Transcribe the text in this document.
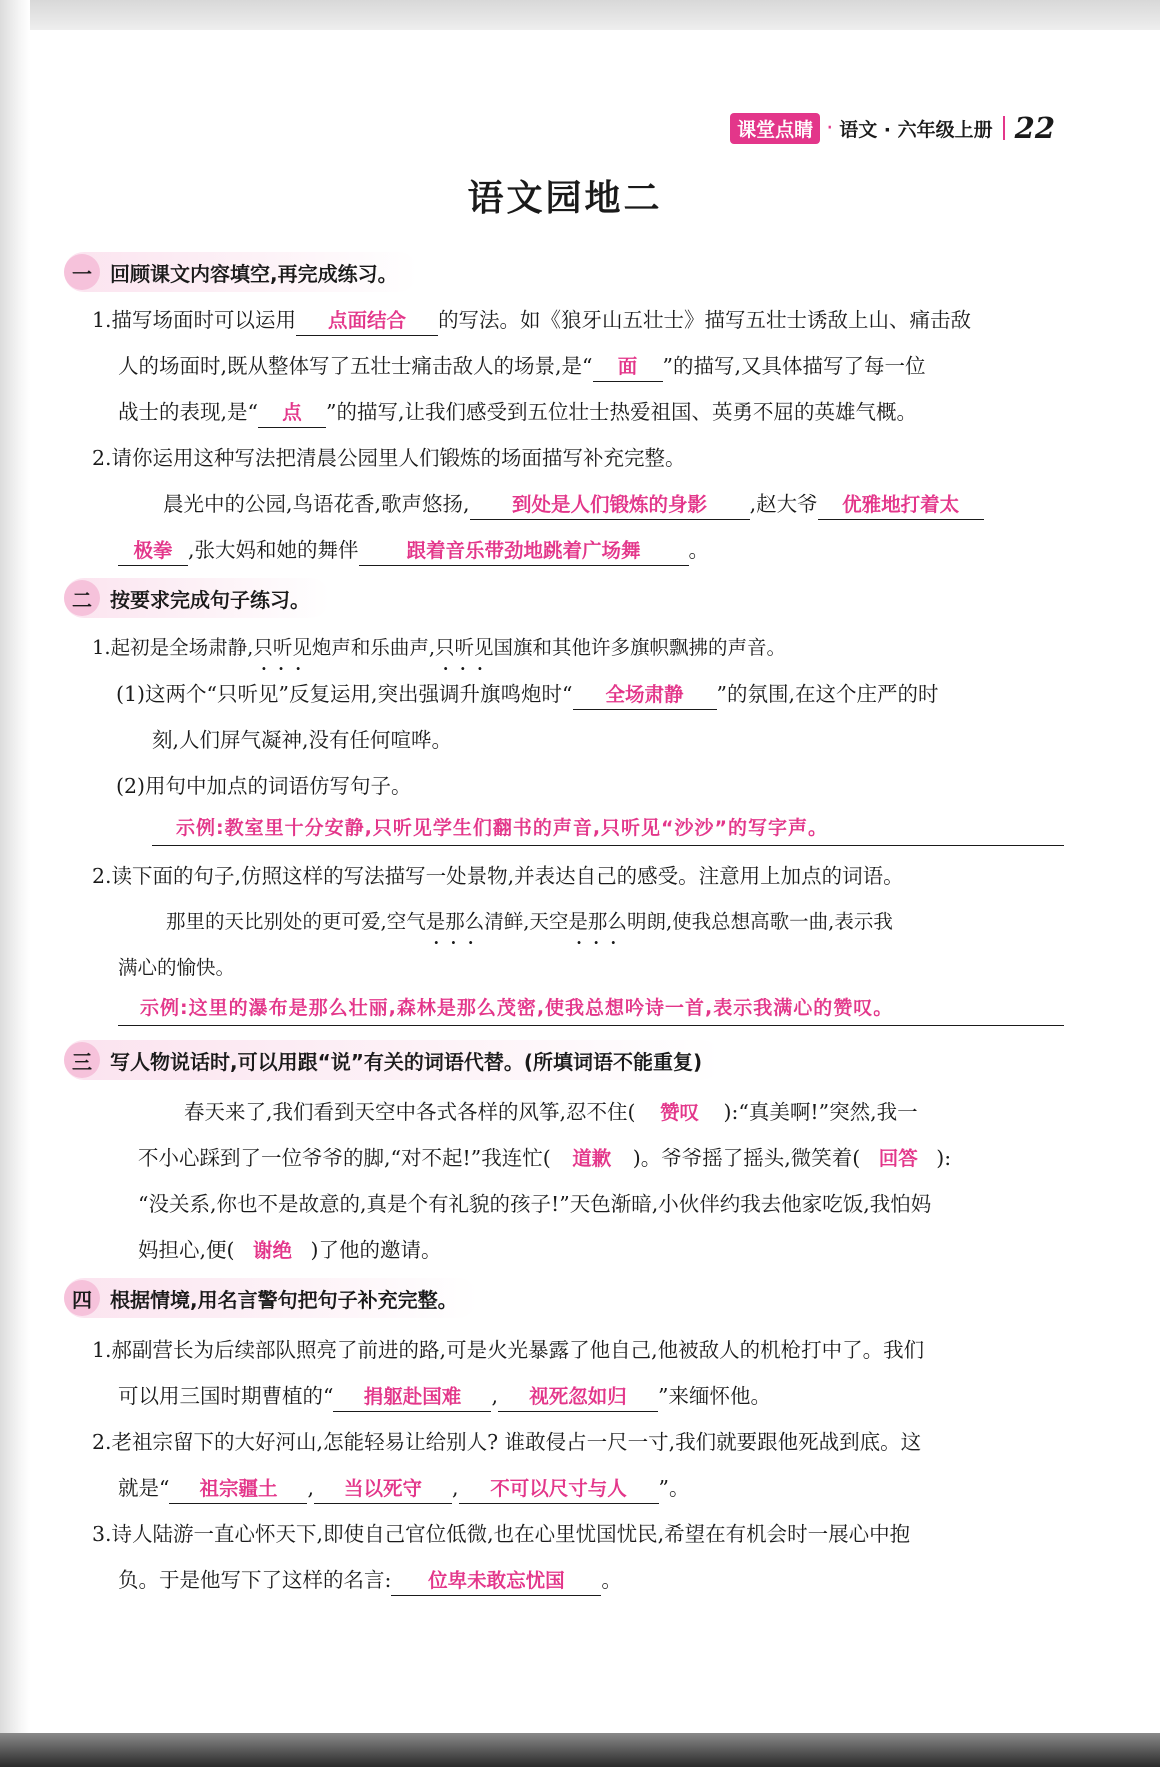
课堂点睛 · 语文 · 六年级上册 22
语文园地二
一 回顾课文内容填空,再完成练习。
1.描写场面时可以运用 点面结合 的写法。如《狼牙山五壮士》描写五壮士诱敌上山、痛击敌
人的场面时,既从整体写了五壮士痛击敌人的场景,是“ 面 ”的描写,又具体描写了每一位
战士的表现,是“ 点 ”的描写,让我们感受到五位壮士热爱祖国、英勇不屈的英雄气概。
2.请你运用这种写法把清晨公园里人们锻炼的场面描写补充完整。
晨光中的公园,鸟语花香,歌声悠扬, 到处是人们锻炼的身影 ,赵大爷 优雅地打着太
极拳 ,张大妈和她的舞伴 跟着音乐带劲地跳着广场舞 。
二 按要求完成句子练习。
1.起初是全场肃静,只听见 · · ·炮声和乐曲声,只听见 · · ·国旗和其他许多旗帜飘拂的声音。
(1)这两个“只听见”反复运用,突出强调升旗鸣炮时“ 全场肃静 ”的氛围,在这个庄严的时
刻,人们屏气凝神,没有任何喧哗。
(2)用句中加点的词语仿写句子。
示例:教室里十分安静,只听见学生们翻书的声音,只听见“沙沙”的写字声。
2.读下面的句子,仿照这样的写法描写一处景物,并表达自己的感受。注意用上加点的词语。
那里的天比别处的更可爱,空气是那么 · · ·清鲜,天空是那么 · · ·明朗,使我总想高歌一曲,表示我
满心的愉快。
示例:这里的瀑布是那么壮丽,森林是那么茂密,使我总想吟诗一首,表示我满心的赞叹。
三 写人物说话时,可以用跟“说”有关的词语代替。(所填词语不能重复)
春天来了,我们看到天空中各式各样的风筝,忍不住( 赞叹 ):“真美啊!”突然,我一
不小心踩到了一位爷爷的脚,“对不起!”我连忙( 道歉 )。爷爷摇了摇头,微笑着( 回答 ):
“没关系,你也不是故意的,真是个有礼貌的孩子!”天色渐暗,小伙伴约我去他家吃饭,我怕妈
妈担心,便( 谢绝 )了他的邀请。
四 根据情境,用名言警句把句子补充完整。
1.郝副营长为后续部队照亮了前进的路,可是火光暴露了他自己,他被敌人的机枪打中了。我们
可以用三国时期曹植的“ 捐躯赴国难 , 视死忽如归 ”来缅怀他。
2.老祖宗留下的大好河山,怎能轻易让给别人? 谁敢侵占一尺一寸,我们就要跟他死战到底。这
就是“ 祖宗疆土 , 当以死守 , 不可以尺寸与人 ”。
3.诗人陆游一直心怀天下,即使自己官位低微,也在心里忧国忧民,希望在有机会时一展心中抱
负。于是他写下了这样的名言: 位卑未敢忘忧国 。
